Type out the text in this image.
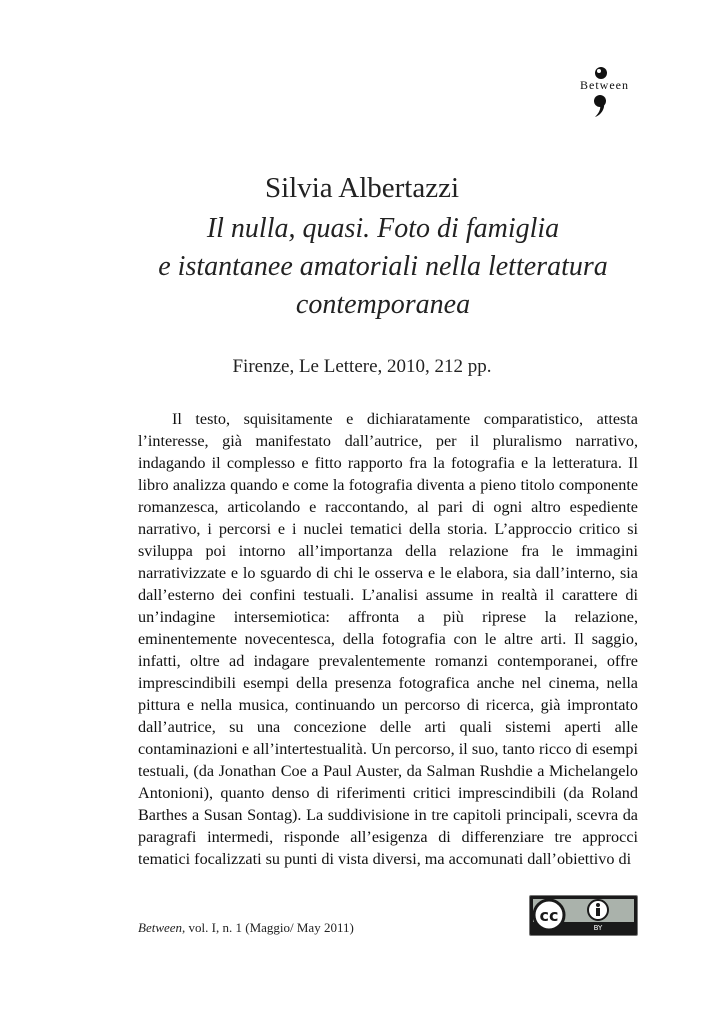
Between
Silvia Albertazzi
Il nulla, quasi. Foto di famiglia
e istantanee amatoriali nella letteratura
contemporanea
Firenze, Le Lettere, 2010, 212 pp.

Il testo, squisitamente e dichiaratamente comparatistico, attesta l’interesse, già manifestato dall’autrice, per il pluralismo narrativo, indagando il complesso e fitto rapporto fra la fotografia e la letteratura. Il libro analizza quando e come la fotografia diventa a pieno titolo componente romanzesca, articolando e raccontando, al pari di ogni altro espediente narrativo, i percorsi e i nuclei tematici della storia. L’approccio critico si sviluppa poi intorno all’importanza della relazione fra le immagini narrativizzate e lo sguardo di chi le osserva e le elabora, sia dall’interno, sia dall’esterno dei confini testuali. L’analisi assume in realtà il carattere di un’indagine intersemiotica: affronta a più riprese la relazione, eminentemente novecentesca, della fotografia con le altre arti. Il saggio, infatti, oltre ad indagare prevalentemente romanzi contemporanei, offre imprescindibili esempi della presenza fotografica anche nel cinema, nella pittura e nella musica, continuando un percorso di ricerca, già improntato dall’autrice, su una concezione delle arti quali sistemi aperti alle contaminazioni e all’intertestualità. Un percorso, il suo, tanto ricco di esempi testuali, (da Jonathan Coe a Paul Auster, da Salman Rushdie a Michelangelo Antonioni), quanto denso di riferimenti critici imprescindibili (da Roland Barthes a Susan Sontag). La suddivisione in tre capitoli principali, scevra da paragrafi intermedi, risponde all’esigenza di differenziare tre approcci tematici focalizzati su punti di vista diversi, ma accomunati dall’obiettivo di

Between, vol. I, n. 1 (Maggio/ May 2011)
cc
BY
